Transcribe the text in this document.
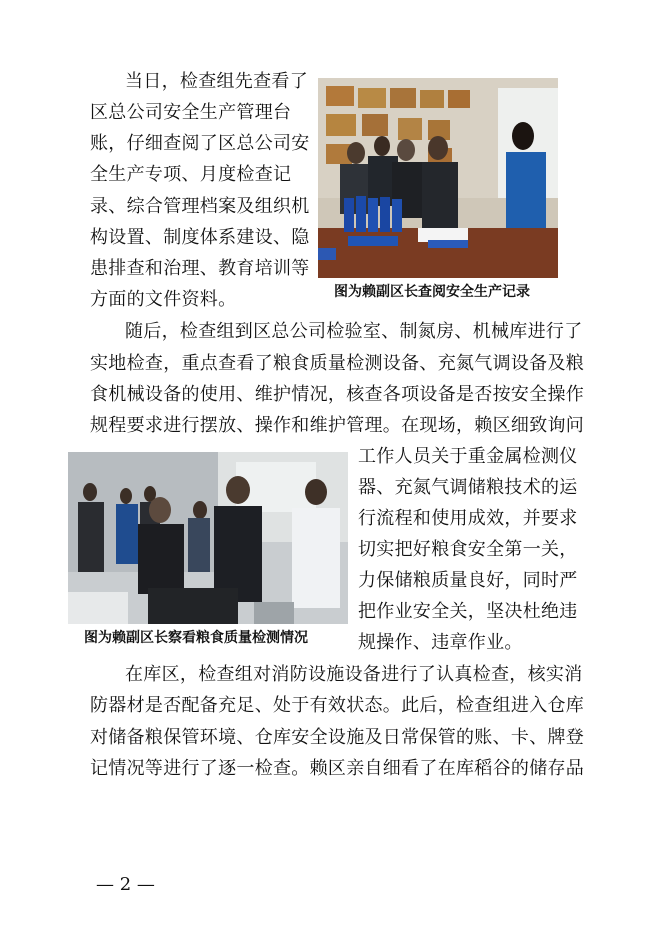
当日，检查组先查看了
区总公司安全生产管理台
账，仔细查阅了区总公司安
全生产专项、月度检查记
录、综合管理档案及组织机
构设置、制度体系建设、隐
患排查和治理、教育培训等
方面的文件资料。	图为赖副区长查阅安全生产记录
随后，检查组到区总公司检验室、制氮房、机械库进行了
实地检查，重点查看了粮食质量检测设备、充氮气调设备及粮
食机械设备的使用、维护情况，核查各项设备是否按安全操作
规程要求进行摆放、操作和维护管理。在现场，赖区细致询问
工作人员关于重金属检测仪
器、充氮气调储粮技术的运
行流程和使用成效，并要求
切实把好粮食安全第一关，
力保储粮质量良好，同时严
把作业安全关，坚决杜绝违
规操作、违章作业。
图为赖副区长察看粮食质量检测情况
在库区，检查组对消防设施设备进行了认真检查，核实消
防器材是否配备充足、处于有效状态。此后，检查组进入仓库
对储备粮保管环境、仓库安全设施及日常保管的账、卡、牌登
记情况等进行了逐一检查。赖区亲自细看了在库稻谷的储存品
— 2 —
